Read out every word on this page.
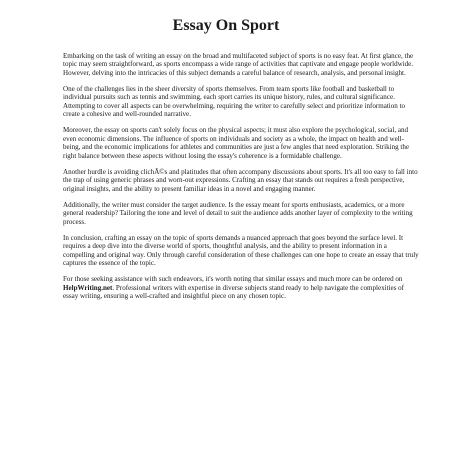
Essay On Sport

Embarking on the task of writing an essay on the broad and multifaceted subject of sports is no easy feat. At first glance, the topic may seem straightforward, as sports encompass a wide range of activities that captivate and engage people worldwide. However, delving into the intricacies of this subject demands a careful balance of research, analysis, and personal insight.

One of the challenges lies in the sheer diversity of sports themselves. From team sports like football and basketball to individual pursuits such as tennis and swimming, each sport carries its unique history, rules, and cultural significance. Attempting to cover all aspects can be overwhelming, requiring the writer to carefully select and prioritize information to create a cohesive and well-rounded narrative.

Moreover, the essay on sports can't solely focus on the physical aspects; it must also explore the psychological, social, and even economic dimensions. The influence of sports on individuals and society as a whole, the impact on health and well-being, and the economic implications for athletes and communities are just a few angles that need exploration. Striking the right balance between these aspects without losing the essay's coherence is a formidable challenge.

Another hurdle is avoiding clichÃ©s and platitudes that often accompany discussions about sports. It's all too easy to fall into the trap of using generic phrases and worn-out expressions. Crafting an essay that stands out requires a fresh perspective, original insights, and the ability to present familiar ideas in a novel and engaging manner.

Additionally, the writer must consider the target audience. Is the essay meant for sports enthusiasts, academics, or a more general readership? Tailoring the tone and level of detail to suit the audience adds another layer of complexity to the writing process.

In conclusion, crafting an essay on the topic of sports demands a nuanced approach that goes beyond the surface level. It requires a deep dive into the diverse world of sports, thoughtful analysis, and the ability to present information in a compelling and original way. Only through careful consideration of these challenges can one hope to create an essay that truly captures the essence of the topic.

For those seeking assistance with such endeavors, it's worth noting that similar essays and much more can be ordered on HelpWriting.net. Professional writers with expertise in diverse subjects stand ready to help navigate the complexities of essay writing, ensuring a well-crafted and insightful piece on any chosen topic.
